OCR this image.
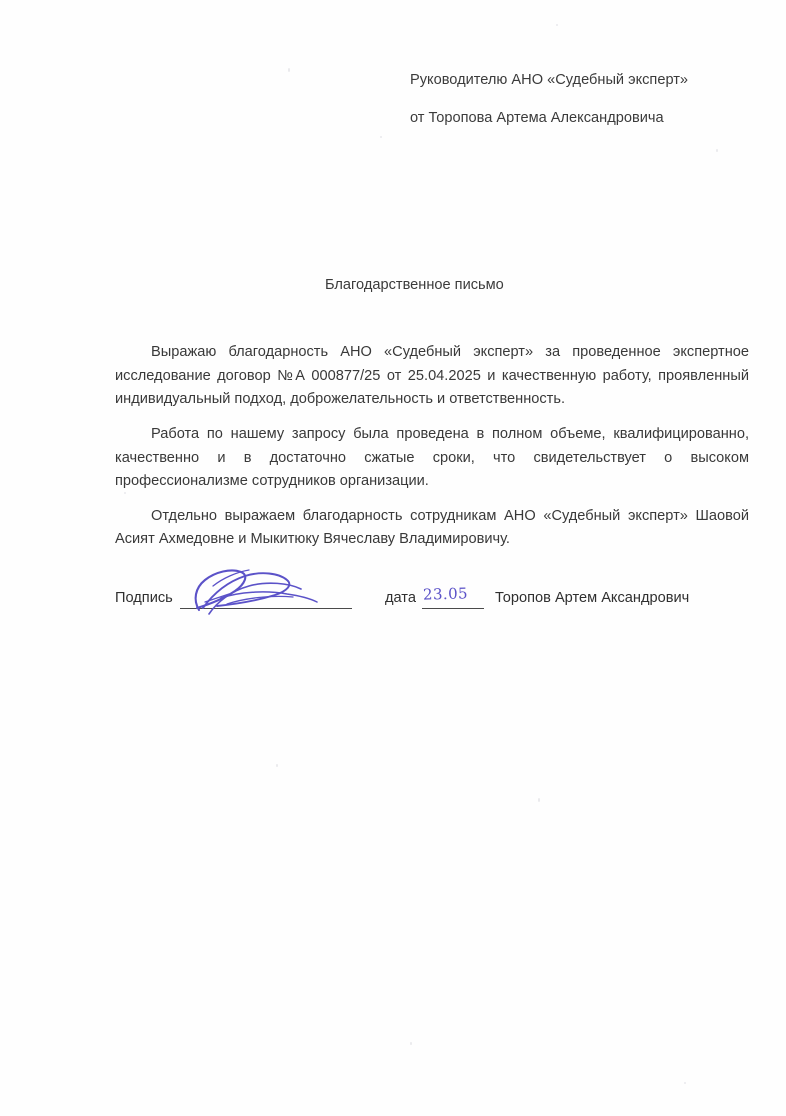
Руководителю АНО «Судебный эксперт»
от Торопова Артема Александровича
Благодарственное письмо

Выражаю благодарность АНО «Судебный эксперт» за проведенное экспертное исследование договор №А 000877/25 от 25.04.2025 и качественную работу, проявленный индивидуальный подход, доброжелательность и ответственность.

Работа по нашему запросу была проведена в полном объеме, квалифицированно, качественно и в достаточно сжатые сроки, что свидетельствует о высоком профессионализме сотрудников организации.

Отдельно выражаем благодарность сотрудникам АНО «Судебный эксперт» Шаовой Асият Ахмедовне и Мыкитюку Вячеславу Владимировичу.

Подпись	дата 23.05 Торопов Артем Аксандрович
